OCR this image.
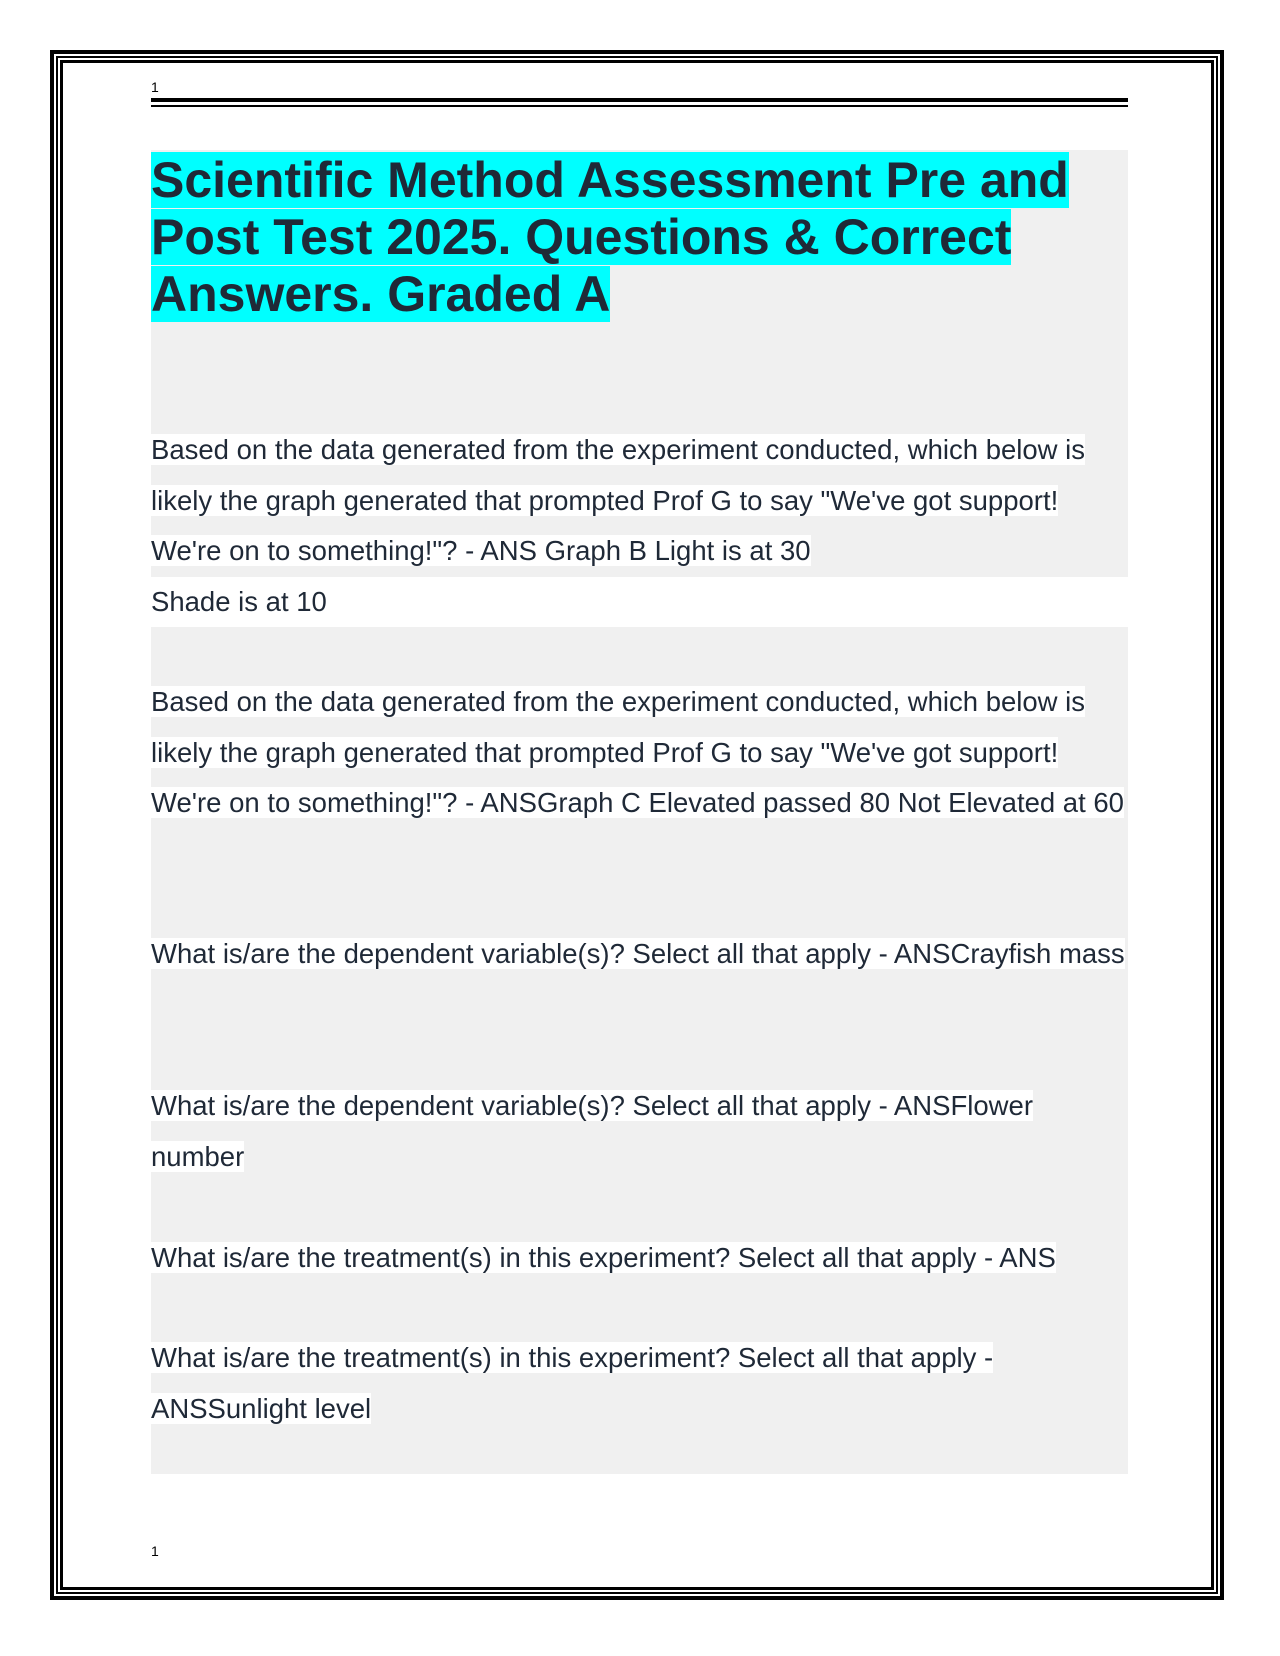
1
Scientific Method Assessment Pre and Post Test 2025. Questions & Correct Answers. Graded A

Based on the data generated from the experiment conducted, which below is likely the graph generated that prompted Prof G to say "We've got support! We're on to something!"? - ANS Graph B Light is at 30
Shade is at 10

Based on the data generated from the experiment conducted, which below is likely the graph generated that prompted Prof G to say "We've got support! We're on to something!"? - ANSGraph C Elevated passed 80 Not Elevated at 60

What is/are the dependent variable(s)? Select all that apply - ANSCrayfish mass

What is/are the dependent variable(s)? Select all that apply - ANSFlower number

What is/are the treatment(s) in this experiment? Select all that apply - ANS

What is/are the treatment(s) in this experiment? Select all that apply - ANSSunlight level

1
